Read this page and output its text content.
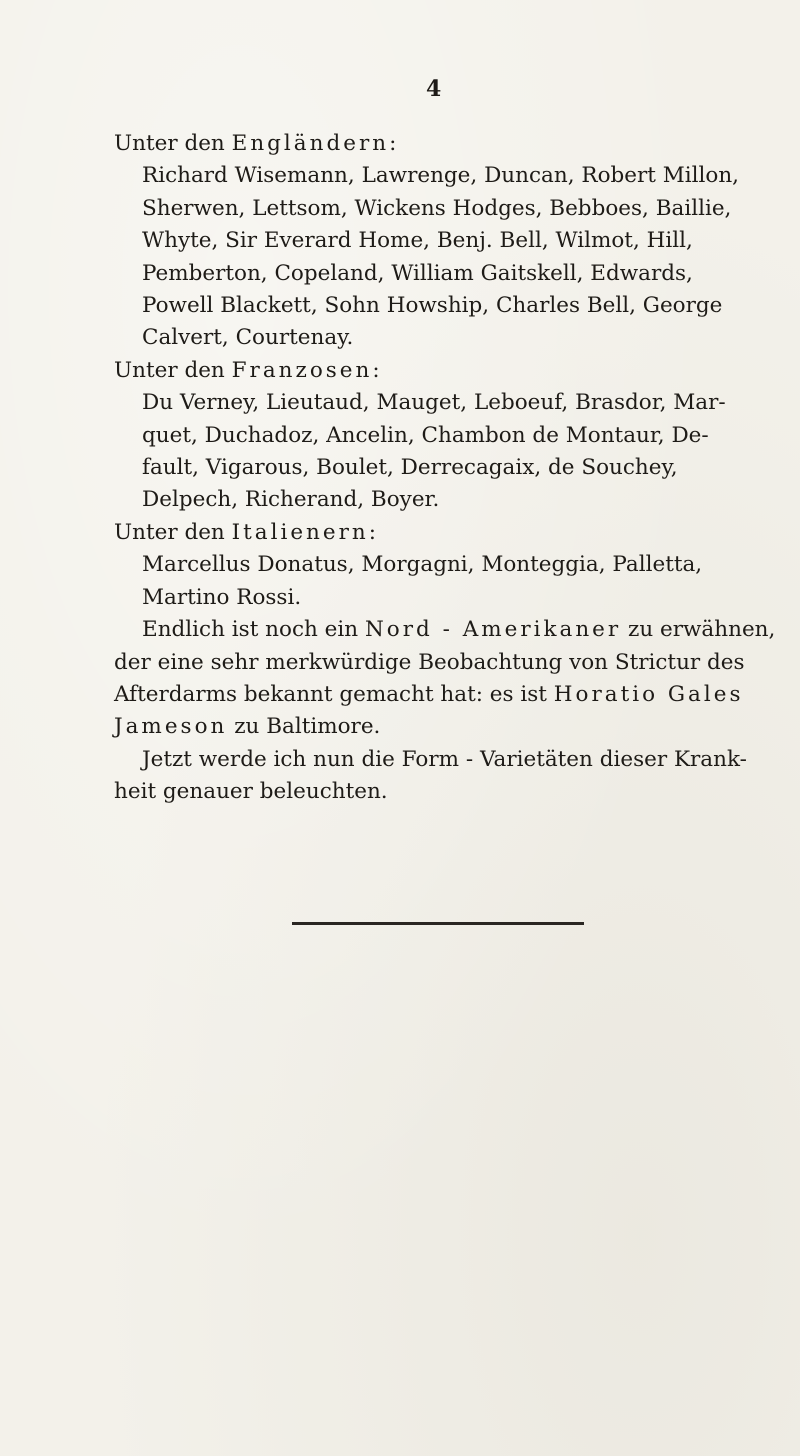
4

Unter den Engländern:

Richard Wisemann, Lawrenge, Duncan, Robert Millon,

Sherwen, Lettsom, Wickens Hodges, Bebboes, Baillie,

Whyte, Sir Everard Home, Benj. Bell, Wilmot, Hill,

Pemberton, Copeland, William Gaitskell, Edwards,

Powell Blackett, Sohn Howship, Charles Bell, George

Calvert, Courtenay.

Unter den Franzosen:

Du Verney, Lieutaud, Mauget, Leboeuf, Brasdor, Mar-

quet, Duchadoz, Ancelin, Chambon de Montaur, De-

fault, Vigarous, Boulet, Derrecagaix, de Souchey,

Delpech, Richerand, Boyer.

Unter den Italienern:

Marcellus Donatus, Morgagni, Monteggia, Palletta,

Martino Rossi.

Endlich ist noch ein Nord - Amerikaner zu erwähnen,

der eine sehr merkwürdige Beobachtung von Strictur des

Afterdarms bekannt gemacht hat: es ist Horatio Gales

Jameson zu Baltimore.

Jetzt werde ich nun die Form - Varietäten dieser Krank-

heit genauer beleuchten.
